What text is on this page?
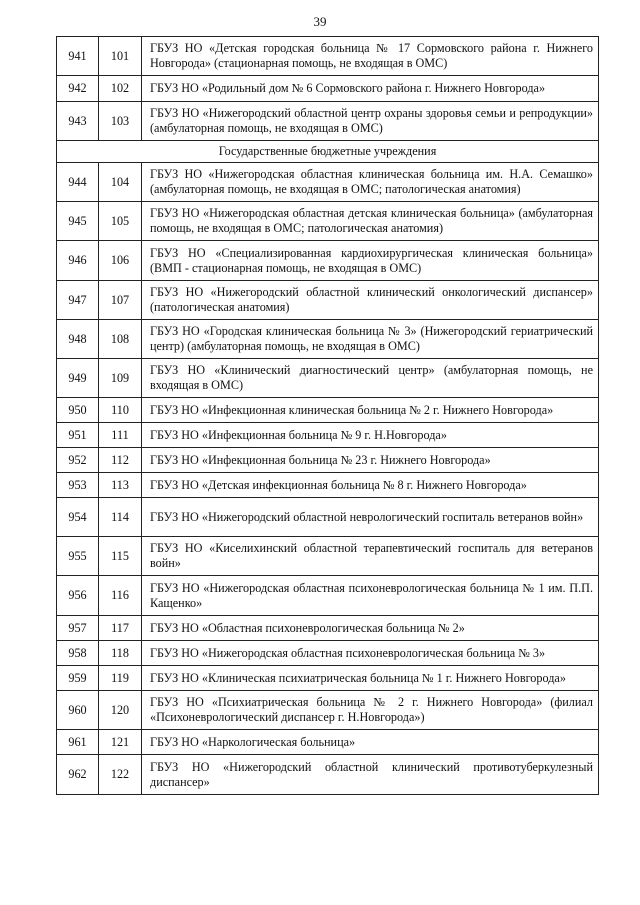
39
941	101	ГБУЗ НО «Детская городская больница № 17 Сормовского района г. Нижнего Новгорода» (стационарная помощь, не входящая в ОМС)
942	102	ГБУЗ НО «Родильный дом № 6 Сормовского района г. Нижнего Новгорода»
943	103	ГБУЗ НО «Нижегородский областной центр охраны здоровья семьи и репродукции» (амбулаторная помощь, не входящая в ОМС)
Государственные бюджетные учреждения		
944	104	ГБУЗ НО «Нижегородская областная клиническая больница им. Н.А. Семашко» (амбулаторная помощь, не входящая в ОМС; патологическая анатомия)
945	105	ГБУЗ НО «Нижегородская областная детская клиническая больница» (амбулаторная помощь, не входящая в ОМС; патологическая анатомия)
946	106	ГБУЗ НО «Специализированная кардиохирургическая клиническая больница» (ВМП - стационарная помощь, не входящая в ОМС)
947	107	ГБУЗ НО «Нижегородский областной клинический онкологический диспансер» (патологическая анатомия)
948	108	ГБУЗ НО «Городская клиническая больница № 3» (Нижегородский гериатрический центр) (амбулаторная помощь, не входящая в ОМС)
949	109	ГБУЗ НО «Клинический диагностический центр» (амбулаторная помощь, не входящая в ОМС)
950	110	ГБУЗ НО «Инфекционная клиническая больница № 2 г. Нижнего Новгорода»
951	111	ГБУЗ НО «Инфекционная больница № 9 г. Н.Новгорода»
952	112	ГБУЗ НО «Инфекционная больница № 23 г. Нижнего Новгорода»
953	113	ГБУЗ НО «Детская инфекционная больница № 8 г. Нижнего Новгорода»
954	114	ГБУЗ НО «Нижегородский областной неврологический госпиталь ветеранов войн»
955	115	ГБУЗ НО «Киселихинский областной терапевтический госпиталь для ветеранов войн»
956	116	ГБУЗ НО «Нижегородская областная психоневрологическая больница № 1 им. П.П. Кащенко»
957	117	ГБУЗ НО «Областная психоневрологическая больница № 2»
958	118	ГБУЗ НО «Нижегородская областная психоневрологическая больница № 3»
959	119	ГБУЗ НО «Клиническая психиатрическая больница № 1 г. Нижнего Новгорода»
960	120	ГБУЗ НО «Психиатрическая больница № 2 г. Нижнего Новгорода» (филиал «Психоневрологический диспансер г. Н.Новгорода»)
961	121	ГБУЗ НО «Наркологическая больница»
962	122	ГБУЗ НО «Нижегородский областной клинический противотуберкулезный диспансер»
